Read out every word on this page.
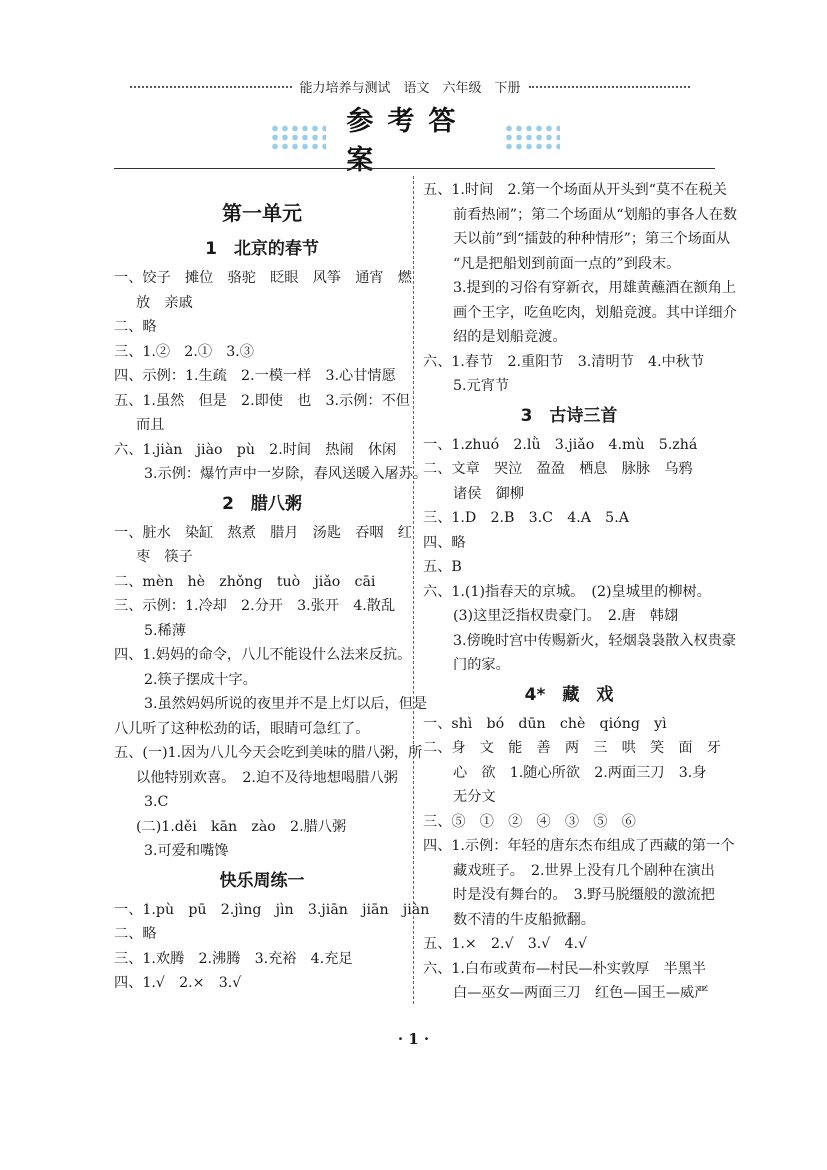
能力培养与测试　语文　六年级　下册
参考答案
第一单元
1　北京的春节
一、饺子　摊位　骆驼　眨眼　风筝　通宵　燃
放　亲戚
二、略
三、1.②　2.①　3.③
四、示例：1.生疏　2.一模一样　3.心甘情愿
五、1.虽然　但是　2.即使　也　3.示例：不但
而且
六、1.jiàn　jiào　pù　2.时间　热闹　休闲
3.示例：爆竹声中一岁除，春风送暖入屠苏。
2　腊八粥
一、脏水　染缸　熬煮　腊月　汤匙　吞咽　红
枣　筷子
二、mèn　hè　zhǒng　tuò　jiǎo　cāi
三、示例：1.冷却　2.分开　3.张开　4.散乱
5.稀薄
四、1.妈妈的命令，八儿不能设什么法来反抗。
2.筷子摆成十字。
3.虽然妈妈所说的夜里并不是上灯以后，但是
八儿听了这种松劲的话，眼睛可急红了。
五、(一)1.因为八儿今天会吃到美味的腊八粥，所
以他特别欢喜。　2.迫不及待地想喝腊八粥
3.C
(二)1.děi　kān　zào　2.腊八粥
3.可爱和嘴馋
快乐周练一
一、1.pù　pū　2.jìng　jìn　3.jiān　jiān　jiàn
二、略
三、1.欢腾　2.沸腾　3.充裕　4.充足
四、1.√　2.×　3.√
五、1.时间　2.第一个场面从开头到“莫不在税关
前看热闹”；第二个场面从“划船的事各人在数
天以前”到“擂鼓的种种情形”；第三个场面从
“凡是把船划到前面一点的”到段末。
3.提到的习俗有穿新衣，用雄黄蘸酒在额角上
画个王字，吃鱼吃肉，划船竞渡。其中详细介
绍的是划船竞渡。
六、1.春节　2.重阳节　3.清明节　4.中秋节
5.元宵节
3　古诗三首
一、1.zhuó　2.lǜ　3.jiǎo　4.mù　5.zhá
二、文章　哭泣　盈盈　栖息　脉脉　乌鸦
诸侯　御柳
三、1.D　2.B　3.C　4.A　5.A
四、略
五、B
六、1.(1)指春天的京城。　(2)皇城里的柳树。
(3)这里泛指权贵豪门。　2.唐　韩翃
3.傍晚时宫中传赐新火，轻烟袅袅散入权贵豪
门的家。
4*　藏　戏
一、shì　bó　dūn　chè　qióng　yì
二、身　文　能　善　两　三　哄　笑　面　牙
心　欲　1.随心所欲　2.两面三刀　3.身
无分文
三、⑤　①　②　④　③　⑤　⑥
四、1.示例：年轻的唐东杰布组成了西藏的第一个
藏戏班子。　2.世界上没有几个剧种在演出
时是没有舞台的。　3.野马脱缰般的激流把
数不清的牛皮船掀翻。
五、1.×　2.√　3.√　4.√
六、1.白布或黄布—村民—朴实敦厚　半黑半
白—巫女—两面三刀　红色—国王—威严
· 1 ·
